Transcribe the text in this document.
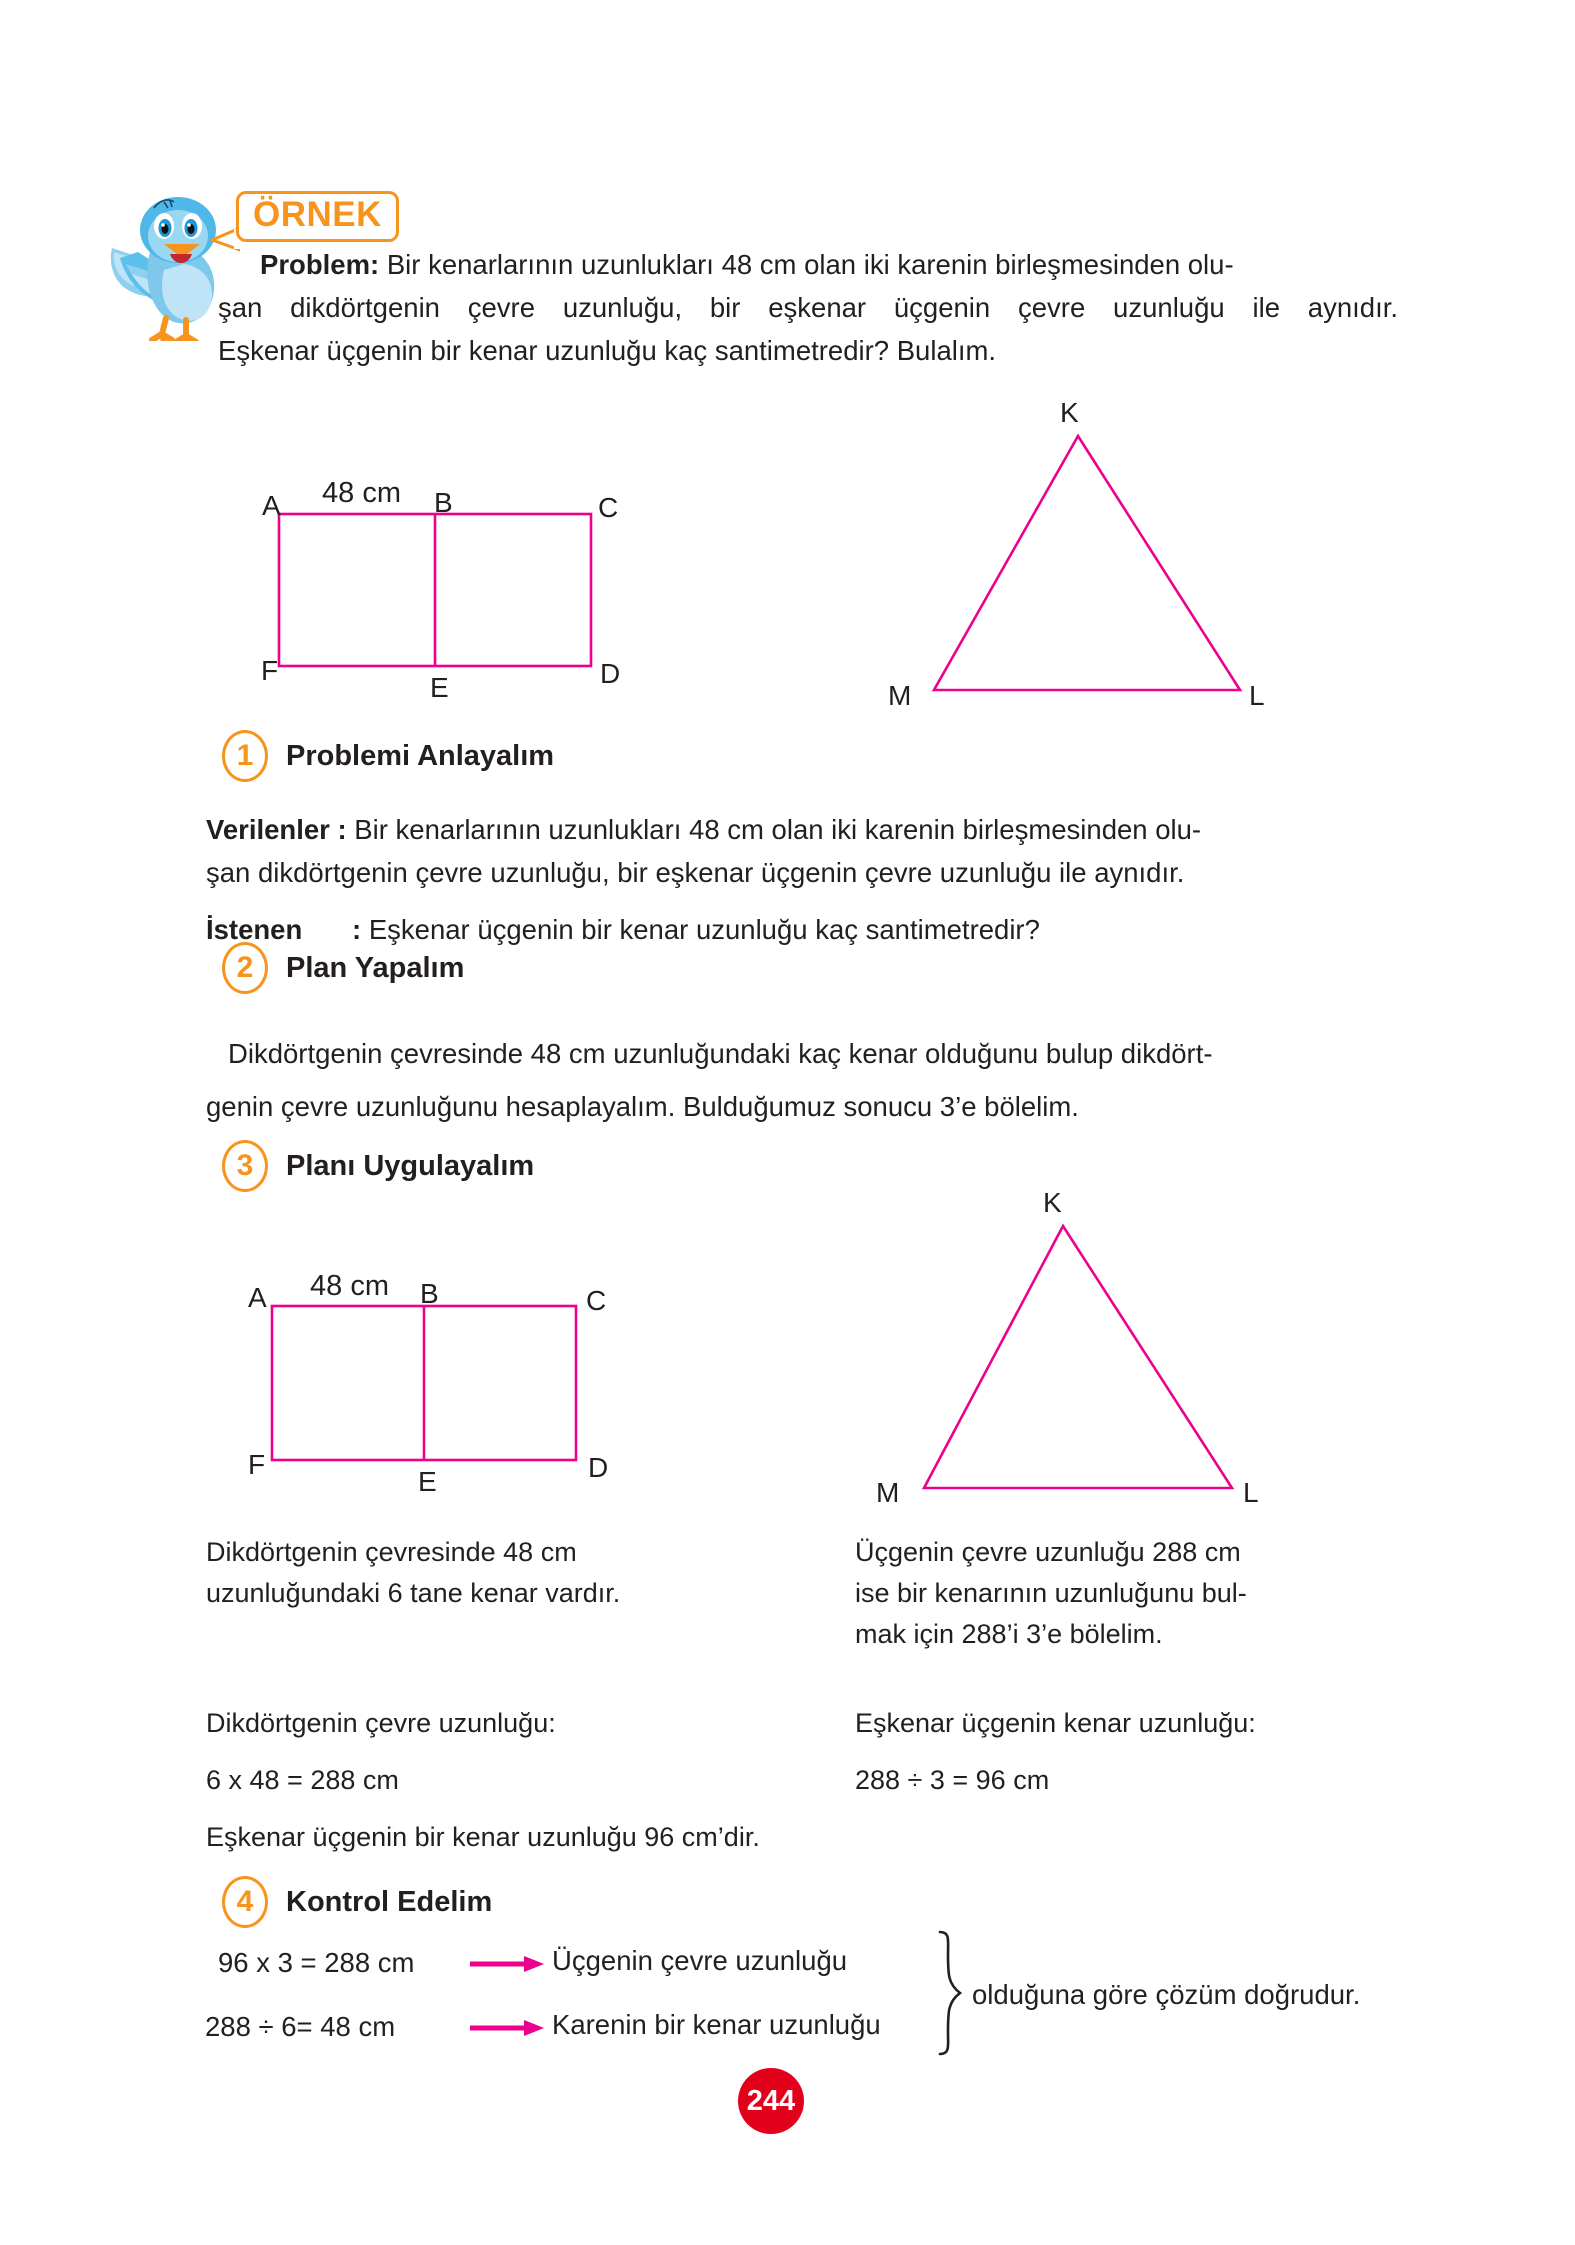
ÖRNEK
Problem: Bir kenarlarının uzunlukları 48 cm olan iki karenin birleşmesinden olu-
şan dikdörtgenin çevre uzunluğu, bir eşkenar üçgenin çevre uzunluğu ile aynıdır.
Eşkenar üçgenin bir kenar uzunluğu kaç santimetredir? Bulalım.
A	B	C
D
E
F
48 cm
K
L
M
1	Problemi Anlayalım
Verilenler : Bir kenarlarının uzunlukları 48 cm olan iki karenin birleşmesinden olu-
şan dikdörtgenin çevre uzunluğu, bir eşkenar üçgenin çevre uzunluğu ile aynıdır.
İstenen : Eşkenar üçgenin bir kenar uzunluğu kaç santimetredir?
2	Plan Yapalım
Dikdörtgenin çevresinde 48 cm uzunluğundaki kaç kenar olduğunu bulup dikdört-
genin çevre uzunluğunu hesaplayalım. Bulduğumuz sonucu 3’e bölelim.
3	Planı Uygulayalım
A	B	C
D
E
F
48 cm
K
L
M
Dikdörtgenin çevresinde 48 cm
uzunluğundaki 6 tane kenar vardır.
Üçgenin çevre uzunluğu 288 cm
ise bir kenarının uzunluğunu bul-
mak için 288’i 3’e bölelim.
Dikdörtgenin çevre uzunluğu:
6 x 48 = 288 cm
Eşkenar üçgenin kenar uzunluğu:
288 ÷ 3 = 96 cm
Eşkenar üçgenin bir kenar uzunluğu 96 cm’dir.
4	Kontrol Edelim
96 x 3 = 288 cm	Üçgenin çevre uzunluğu
288 ÷ 6= 48 cm	Karenin bir kenar uzunluğu
olduğuna göre çözüm doğrudur.
244
